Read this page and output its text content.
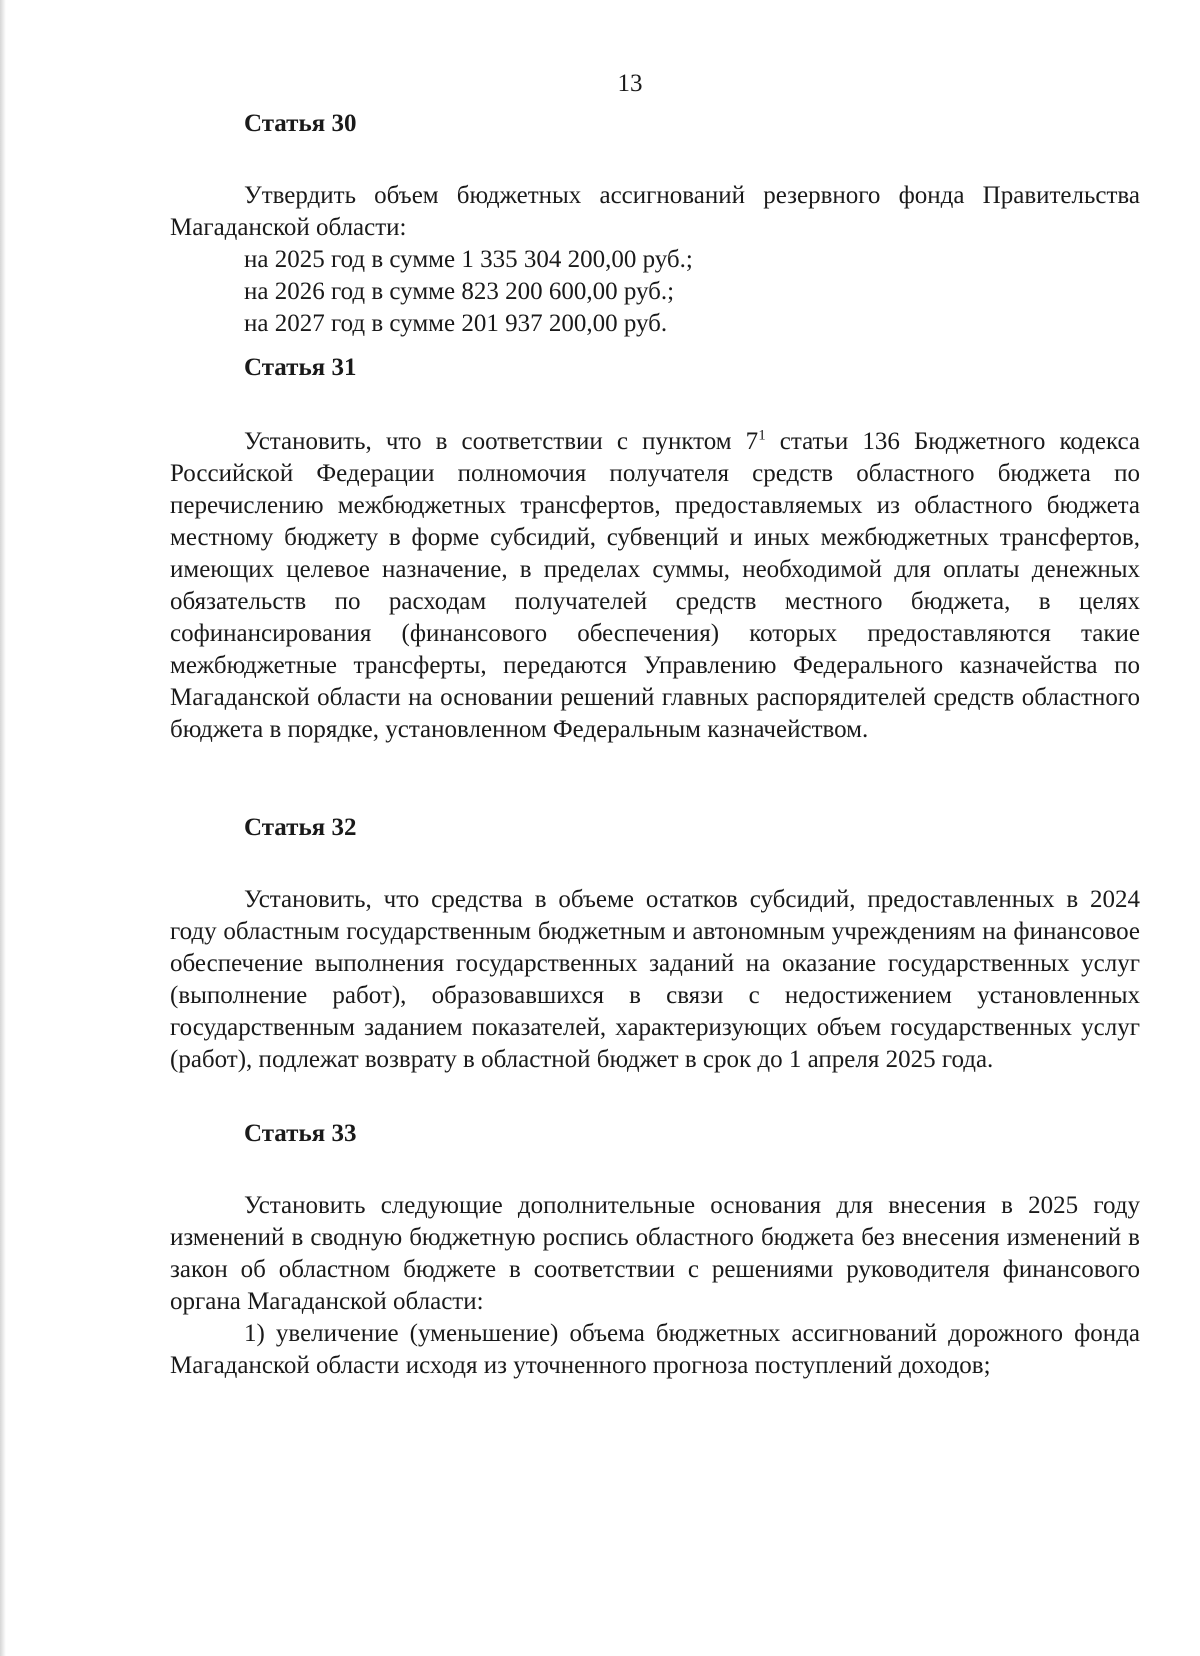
13

Статья 30

Утвердить объем бюджетных ассигнований резервного фонда Правительства Магаданской области:

на 2025 год в сумме 1 335 304 200,00 руб.;

на 2026 год в сумме 823 200 600,00 руб.;

на 2027 год в сумме 201 937 200,00 руб.

Статья 31

Установить, что в соответствии с пунктом $7^1$ статьи 136 Бюджетного кодекса Российской Федерации полномочия получателя средств областного бюджета по перечислению межбюджетных трансфертов, предоставляемых из областного бюджета местному бюджету в форме субсидий, субвенций и иных межбюджетных трансфертов, имеющих целевое назначение, в пределах суммы, необходимой для оплаты денежных обязательств по расходам получателей средств местного бюджета, в целях софинансирования (финансового обеспечения) которых предоставляются такие межбюджетные трансферты, передаются Управлению Федерального казначейства по Магаданской области на основании решений главных распорядителей средств областного бюджета в порядке, установленном Федеральным казначейством.

Статья 32

Установить, что средства в объеме остатков субсидий, предоставленных в 2024 году областным государственным бюджетным и автономным учреждениям на финансовое обеспечение выполнения государственных заданий на оказание государственных услуг (выполнение работ), образовавшихся в связи с недостижением установленных государственным заданием показателей, характеризующих объем государственных услуг (работ), подлежат возврату в областной бюджет в срок до 1 апреля 2025 года.

Статья 33

Установить следующие дополнительные основания для внесения в 2025 году изменений в сводную бюджетную роспись областного бюджета без внесения изменений в закон об областном бюджете в соответствии с решениями руководителя финансового органа Магаданской области:

1) увеличение (уменьшение) объема бюджетных ассигнований дорожного фонда Магаданской области исходя из уточненного прогноза поступлений доходов;
